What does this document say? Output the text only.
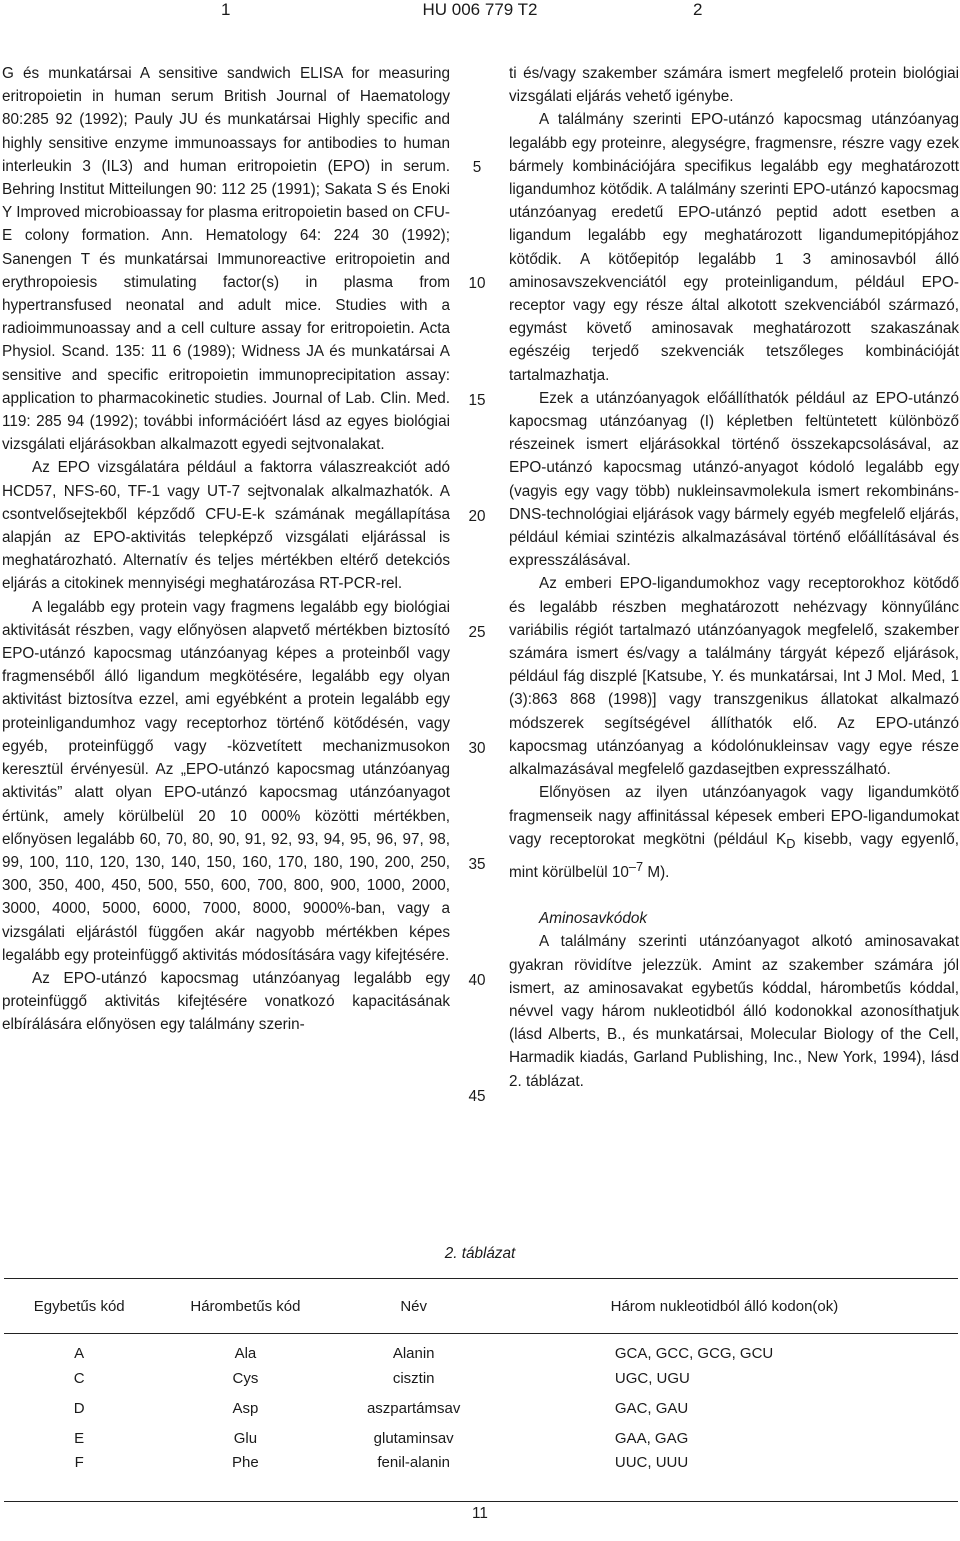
1	HU 006 779 T2	2

G és munkatársai A sensitive sandwich ELISA for measuring eritropoietin in human serum British Journal of Haematology 80:285 92 (1992); Pauly JU és munkatársai Highly specific and highly sensitive enzyme immunoassays for antibodies to human interleukin 3 (IL3) and human eritropoietin (EPO) in serum. Behring Institut Mitteilungen 90: 112 25 (1991); Sakata S és Enoki Y Improved microbioassay for plasma eritropoietin based on CFU-E colony formation. Ann. Hematology 64: 224 30 (1992); Sanengen T és munkatársai Immunoreactive eritropoietin and erythropoiesis stimulating factor(s) in plasma from hypertransfused neonatal and adult mice. Studies with a radioimmunoassay and a cell culture assay for eritropoietin. Acta Physiol. Scand. 135: 11 6 (1989); Widness JA és munkatársai A sensitive and specific eritropoietin immunoprecipitation assay: application to pharmacokinetic studies. Journal of Lab. Clin. Med. 119: 285 94 (1992); további információért lásd az egyes biológiai vizsgálati eljárásokban alkalmazott egyedi sejtvonalakat.

Az EPO vizsgálatára például a faktorra válaszreakciót adó HCD57, NFS-60, TF-1 vagy UT-7 sejtvonalak alkalmazhatók. A csontvelősejtekből képződő CFU-E-k számának megállapítása alapján az EPO-aktivitás telepképző vizsgálati eljárással is meghatározható. Alternatív és teljes mértékben eltérő detekciós eljárás a citokinek mennyiségi meghatározása RT-PCR-rel.

A legalább egy protein vagy fragmens legalább egy biológiai aktivitását részben, vagy előnyösen alapvető mértékben biztosító EPO-utánzó kapocsmag utánzóanyag képes a proteinből vagy fragmenséből álló ligandum megkötésére, legalább egy olyan aktivitást biztosítva ezzel, ami egyébként a protein legalább egy proteinligandumhoz vagy receptorhoz történő kötődésén, vagy egyéb, proteinfüggő vagy -közvetített mechanizmusokon keresztül érvényesül. Az „EPO-utánzó kapocsmag utánzóanyag aktivitás” alatt olyan EPO-utánzó kapocsmag utánzóanyagot értünk, amely körülbelül 20 10 000% közötti mértékben, előnyösen legalább 60, 70, 80, 90, 91, 92, 93, 94, 95, 96, 97, 98, 99, 100, 110, 120, 130, 140, 150, 160, 170, 180, 190, 200, 250, 300, 350, 400, 450, 500, 550, 600, 700, 800, 900, 1000, 2000, 3000, 4000, 5000, 6000, 7000, 8000, 9000%-ban, vagy a vizsgálati eljárástól függően akár nagyobb mértékben képes legalább egy proteinfüggő aktivitás módosítására vagy kifejtésére.

Az EPO-utánzó kapocsmag utánzóanyag legalább egy proteinfüggő aktivitás kifejtésére vonatkozó kapacitásának elbírálására előnyösen egy találmány szerin-

5
10
15
20
25
30
35
40
45

ti és/vagy szakember számára ismert megfelelő protein biológiai vizsgálati eljárás vehető igénybe.

A találmány szerinti EPO-utánzó kapocsmag utánzóanyag legalább egy proteinre, alegységre, fragmensre, részre vagy ezek bármely kombinációjára specifikus legalább egy meghatározott ligandumhoz kötődik. A találmány szerinti EPO-utánzó kapocsmag utánzóanyag eredetű EPO-utánzó peptid adott esetben a ligandum legalább egy meghatározott ligandumepitópjához kötődik. A kötőepitóp legalább 1 3 aminosavból álló aminosavszekvenciától egy proteinligandum, például EPO-receptor vagy egy része által alkotott szekvenciából származó, egymást követő aminosavak meghatározott szakaszának egészéig terjedő szekvenciák tetszőleges kombinációját tartalmazhatja.

Ezek a utánzóanyagok előállíthatók például az EPO-utánzó kapocsmag utánzóanyag (I) képletben feltüntetett különböző részeinek ismert eljárásokkal történő összekapcsolásával, az EPO-utánzó kapocsmag utánzó-anyagot kódoló legalább egy (vagyis egy vagy több) nukleinsavmolekula ismert rekombináns-DNS-technológiai eljárások vagy bármely egyéb megfelelő eljárás, például kémiai szintézis alkalmazásával történő előállításával és expresszálásával.

Az emberi EPO-ligandumokhoz vagy receptorokhoz kötődő és legalább részben meghatározott nehézvagy könnyűlánc variábilis régiót tartalmazó utánzóanyagok megfelelő, szakember számára ismert és/vagy a találmány tárgyát képező eljárások, például fág diszplé [Katsube, Y. és munkatársai, Int J Mol. Med, 1 (3):863 868 (1998)] vagy transzgenikus állatokat alkalmazó módszerek segítségével állíthatók elő. Az EPO-utánzó kapocsmag utánzóanyag a kódolónukleinsav vagy egye része alkalmazásával megfelelő gazdasejtben expresszálható.

Előnyösen az ilyen utánzóanyagok vagy ligandumkötő fragmenseik nagy affinitással képesek emberi EPO-ligandumokat vagy receptorokat megkötni (például $K_D$ kisebb, vagy egyenlő, mint körülbelül $10^{-7}$ M).

Aminosavkódok

A találmány szerinti utánzóanyagot alkotó aminosavakat gyakran rövidítve jelezzük. Amint az szakember számára jól ismert, az aminosavakat egybetűs kóddal, hárombetűs kóddal, névvel vagy három nukleotidból álló kodonokkal azonosíthatjuk (lásd Alberts, B., és munkatársai, Molecular Biology of the Cell, Harmadik kiadás, Garland Publishing, Inc., New York, 1994), lásd 2. táblázat.

2. táblázat
Egybetűs kód	Hárombetűs kód	Név	Három nukleotidból álló kodon(ok)
A	Ala	Alanin	GCA, GCC, GCG, GCU
C	Cys	cisztin	UGC, UGU
D	Asp	aszpartámsav	GAC, GAU
E	Glu	glutaminsav	GAA, GAG
F	Phe	fenil-alanin	UUC, UUU
11
